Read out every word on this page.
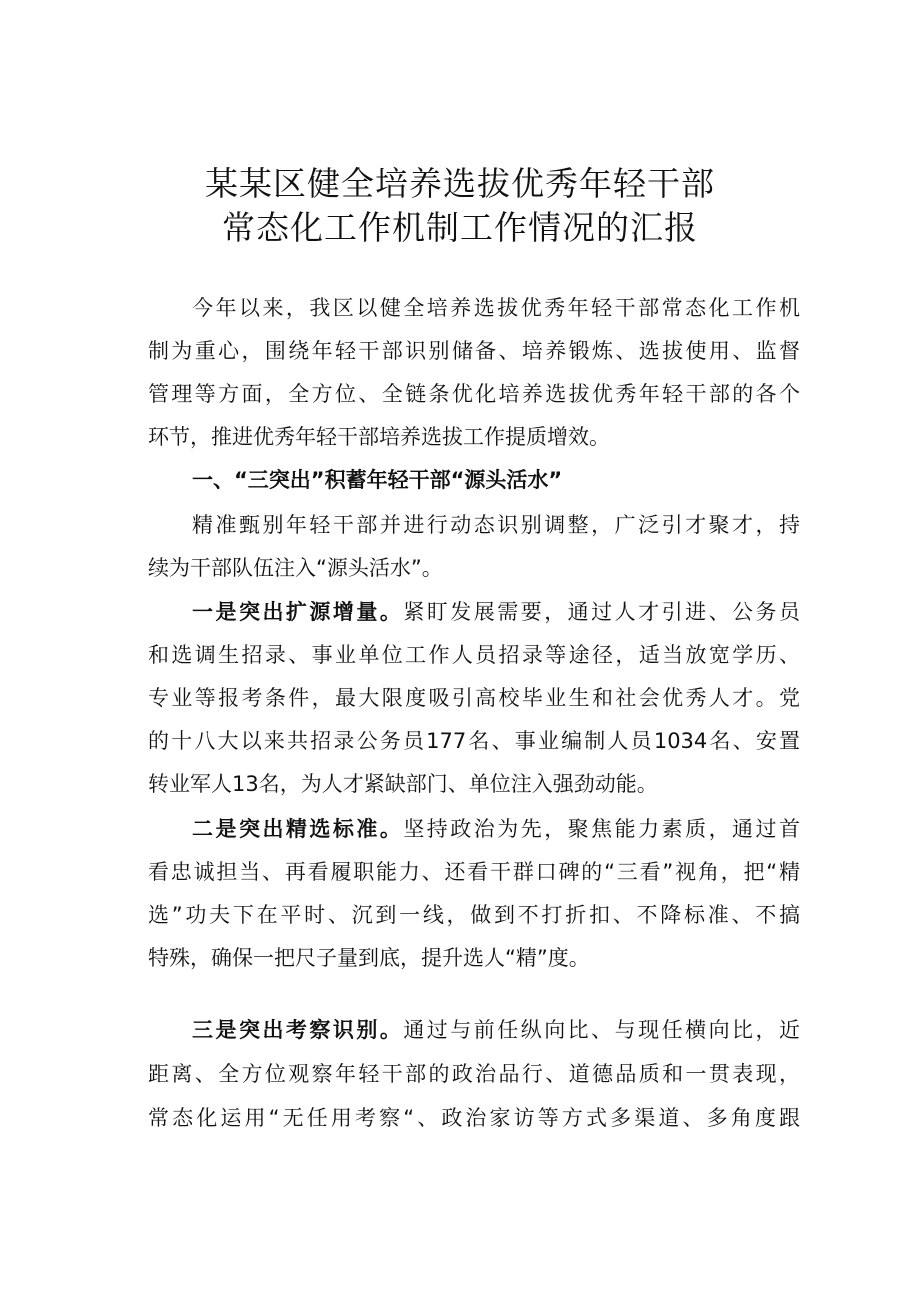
某某区健全培养选拔优秀年轻干部
常态化工作机制工作情况的汇报
今年以来，我区以健全培养选拔优秀年轻干部常态化工作机
制为重心，围绕年轻干部识别储备、培养锻炼、选拔使用、监督
管理等方面，全方位、全链条优化培养选拔优秀年轻干部的各个
环节，推进优秀年轻干部培养选拔工作提质增效。
一、“三突出”积蓄年轻干部“源头活水”
精准甄别年轻干部并进行动态识别调整，广泛引才聚才，持
续为干部队伍注入“源头活水”。
一是突出扩源增量。紧盯发展需要，通过人才引进、公务员
和选调生招录、事业单位工作人员招录等途径，适当放宽学历、
专业等报考条件，最大限度吸引高校毕业生和社会优秀人才。党
的十八大以来共招录公务员177名、事业编制人员1034名、安置
转业军人13名，为人才紧缺部门、单位注入强劲动能。
二是突出精选标准。坚持政治为先，聚焦能力素质，通过首
看忠诚担当、再看履职能力、还看干群口碑的“三看”视角，把“精
选”功夫下在平时、沉到一线，做到不打折扣、不降标准、不搞
特殊，确保一把尺子量到底，提升选人“精”度。
三是突出考察识别。通过与前任纵向比、与现任横向比，近
距离、全方位观察年轻干部的政治品行、道德品质和一贯表现，
常态化运用“无任用考察“、政治家访等方式多渠道、多角度跟
